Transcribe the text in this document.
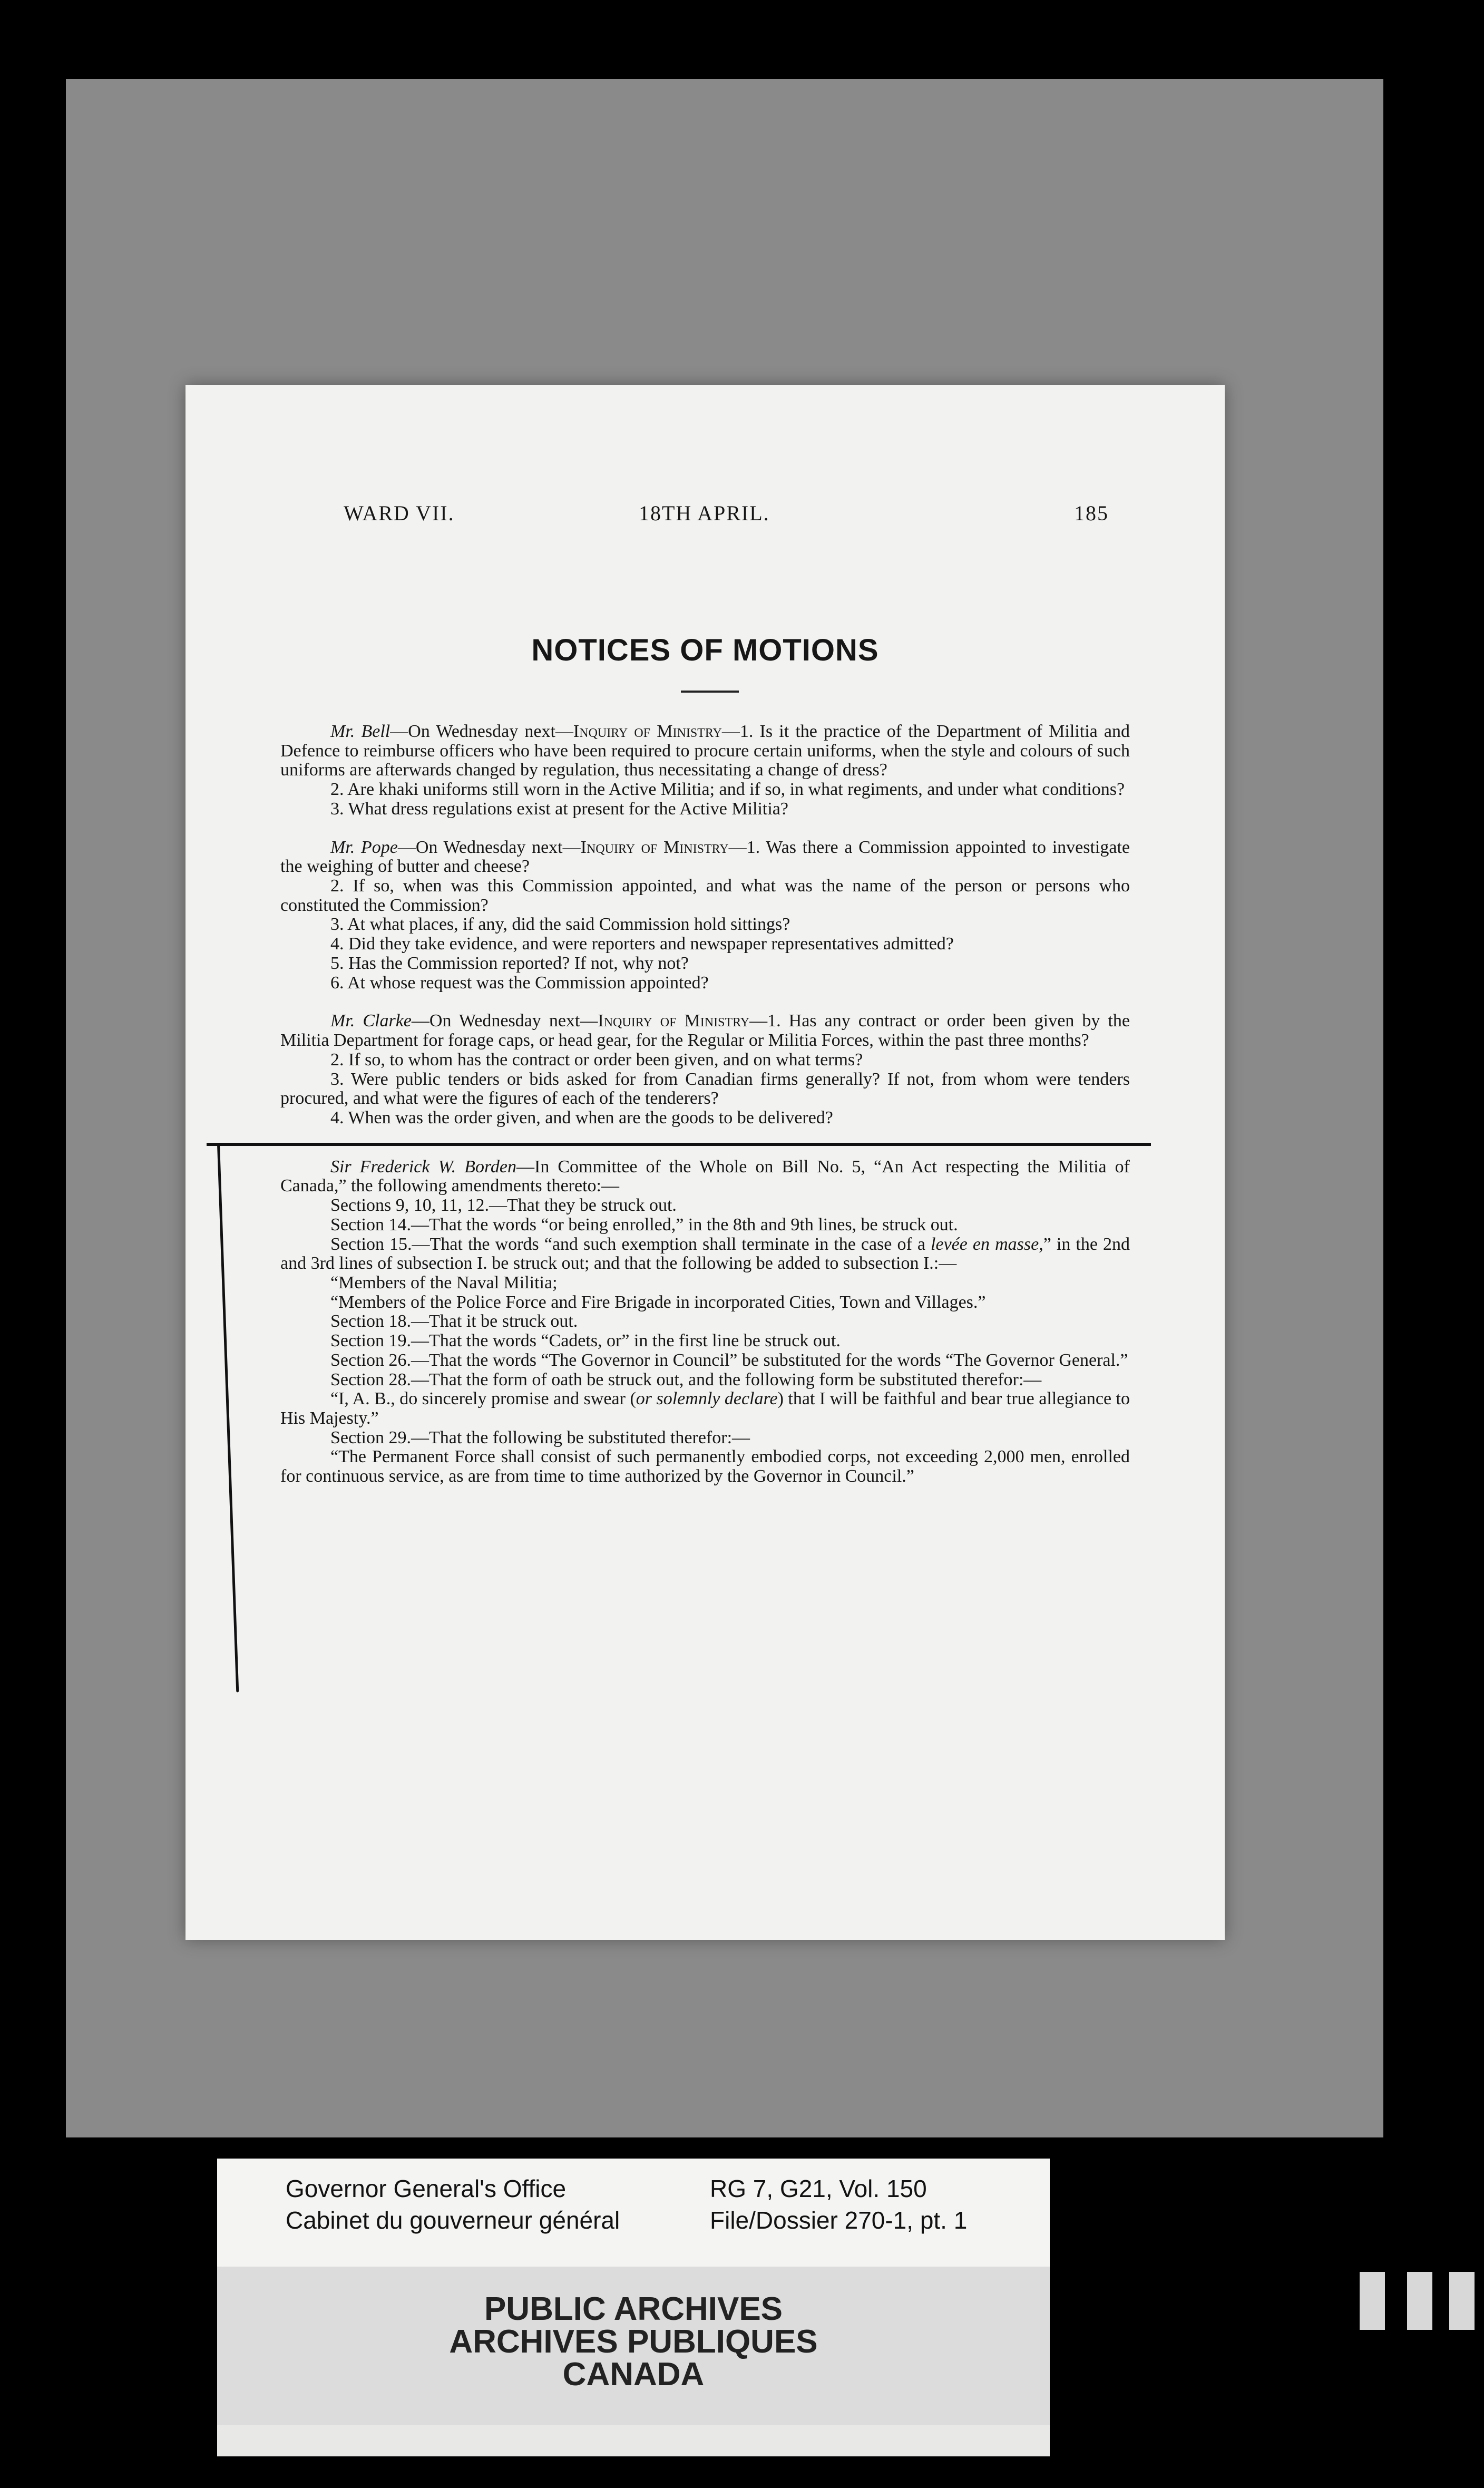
WARD VII.	18TH APRIL.	185
NOTICES OF MOTIONS

Mr. Bell—On Wednesday next—Inquiry of Ministry—1. Is it the practice of the Department of Militia and Defence to reimburse officers who have been required to procure certain uniforms, when the style and colours of such uniforms are afterwards changed by regulation, thus necessitating a change of dress?

2. Are khaki uniforms still worn in the Active Militia; and if so, in what regiments, and under what conditions?

3. What dress regulations exist at present for the Active Militia?

Mr. Pope—On Wednesday next—Inquiry of Ministry—1. Was there a Commission appointed to investigate the weighing of butter and cheese?

2. If so, when was this Commission appointed, and what was the name of the person or persons who constituted the Commission?

3. At what places, if any, did the said Commission hold sittings?

4. Did they take evidence, and were reporters and newspaper representatives admitted?

5. Has the Commission reported? If not, why not?

6. At whose request was the Commission appointed?

Mr. Clarke—On Wednesday next—Inquiry of Ministry—1. Has any contract or order been given by the Militia Department for forage caps, or head gear, for the Regular or Militia Forces, within the past three months?

2. If so, to whom has the contract or order been given, and on what terms?

3. Were public tenders or bids asked for from Canadian firms generally? If not, from whom were tenders procured, and what were the figures of each of the tenderers?

4. When was the order given, and when are the goods to be delivered?

Sir Frederick W. Borden—In Committee of the Whole on Bill No. 5, “An Act respecting the Militia of Canada,” the following amendments thereto:—

Sections 9, 10, 11, 12.—That they be struck out.

Section 14.—That the words “or being enrolled,” in the 8th and 9th lines, be struck out.

Section 15.—That the words “and such exemption shall terminate in the case of a levée en masse,” in the 2nd and 3rd lines of subsection I. be struck out; and that the following be added to subsection I.:—

“Members of the Naval Militia;

“Members of the Police Force and Fire Brigade in incorporated Cities, Town and Villages.”

Section 18.—That it be struck out.

Section 19.—That the words “Cadets, or” in the first line be struck out.

Section 26.—That the words “The Governor in Council” be substituted for the words “The Governor General.”

Section 28.—That the form of oath be struck out, and the following form be substituted therefor:—

“I, A. B., do sincerely promise and swear (or solemnly declare) that I will be faithful and bear true allegiance to His Majesty.”

Section 29.—That the following be substituted therefor:—

“The Permanent Force shall consist of such permanently embodied corps, not exceeding 2,000 men, enrolled for continuous service, as are from time to time authorized by the Governor in Council.”

Governor General's Office
Cabinet du gouverneur général
RG 7, G21, Vol. 150
File/Dossier 270-1, pt. 1
PUBLIC ARCHIVES
ARCHIVES PUBLIQUES
CANADA
